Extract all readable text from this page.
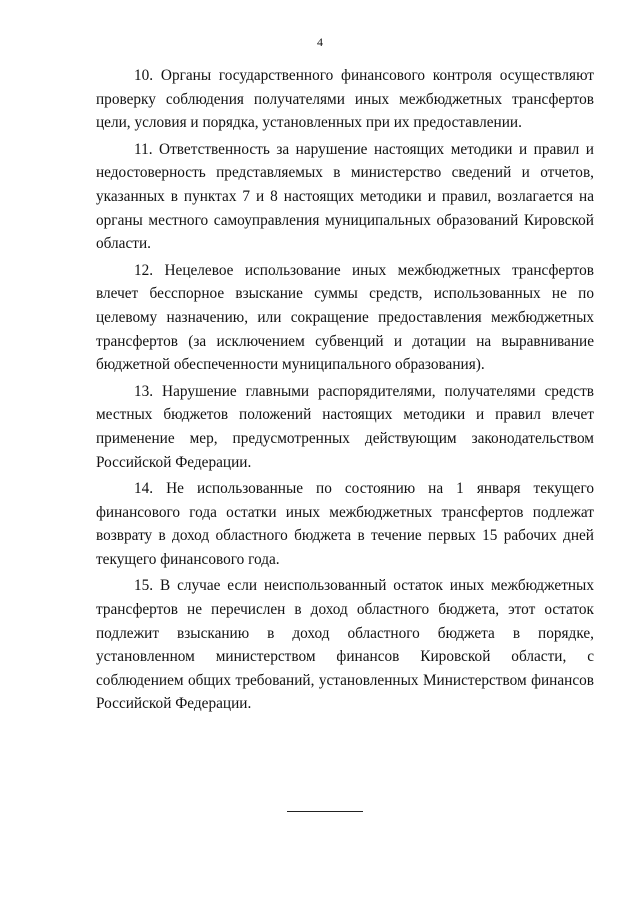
4

10. Органы государственного финансового контроля осуществляют проверку соблюдения получателями иных межбюджетных трансфертов цели, условия и порядка, установленных при их предоставлении.

11. Ответственность за нарушение настоящих методики и правил и недостоверность представляемых в министерство сведений и отчетов, указанных в пунктах 7 и 8 настоящих методики и правил, возлагается на органы местного самоуправления муниципальных образований Кировской области.

12. Нецелевое использование иных межбюджетных трансфертов влечет бесспорное взыскание суммы средств, использованных не по целевому назначению, или сокращение предоставления межбюджетных трансфертов (за исключением субвенций и дотации на выравнивание бюджетной обеспеченности муниципального образования).

13. Нарушение главными распорядителями, получателями средств местных бюджетов положений настоящих методики и правил влечет применение мер, предусмотренных действующим законодательством Российской Федерации.

14. Не использованные по состоянию на 1 января текущего финансового года остатки иных межбюджетных трансфертов подлежат возврату в доход областного бюджета в течение первых 15 рабочих дней текущего финансового года.

15. В случае если неиспользованный остаток иных межбюджетных трансфертов не перечислен в доход областного бюджета, этот остаток подлежит взысканию в доход областного бюджета в порядке, установленном министерством финансов Кировской области, с соблюдением общих требований, установленных Министерством финансов Российской Федерации.
